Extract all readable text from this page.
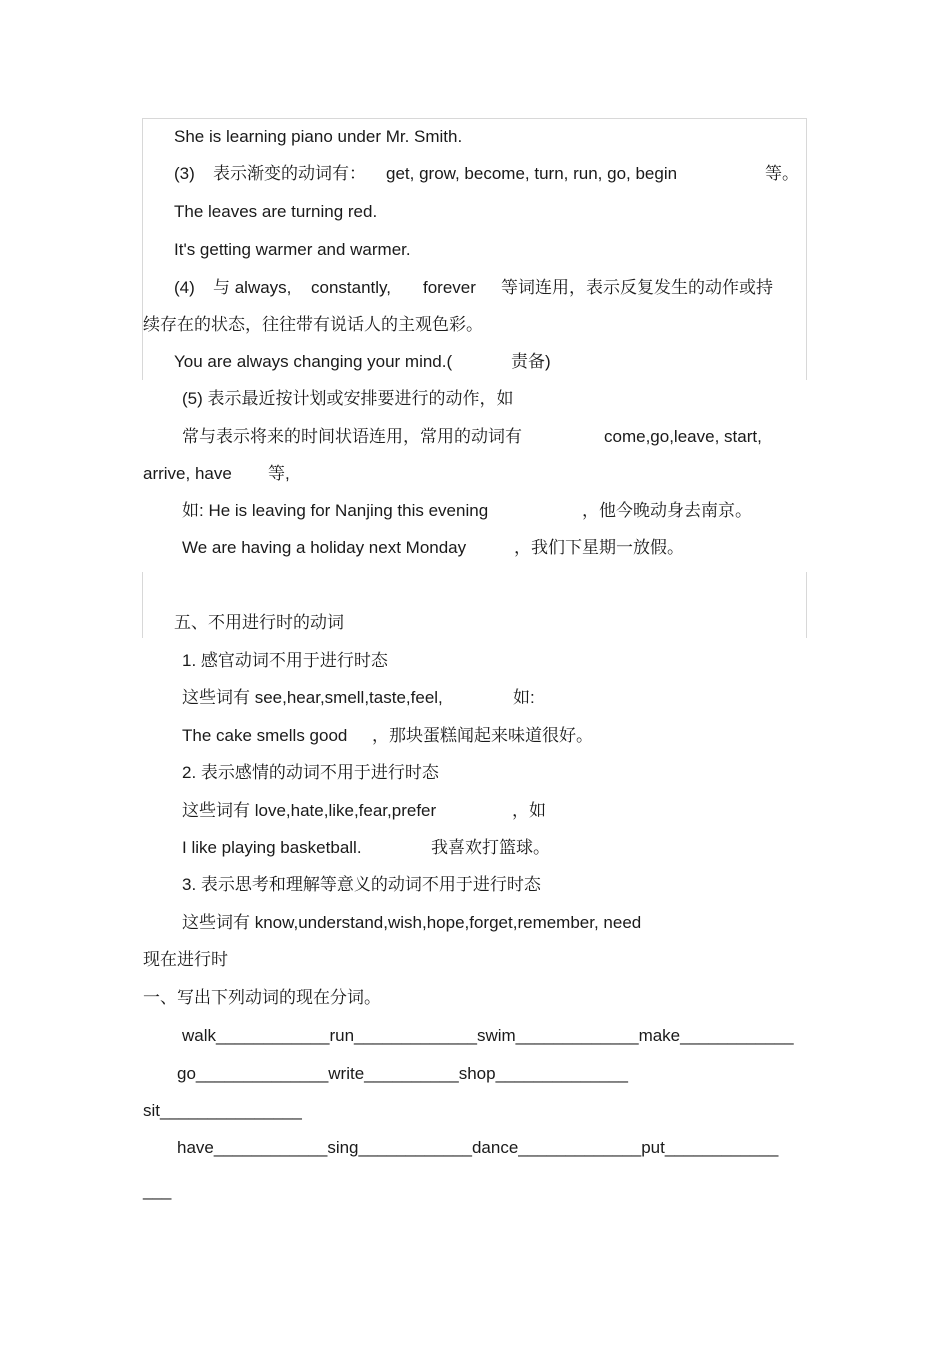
She is learning piano under Mr. Smith.
(3) 表示渐变的动词有： get, grow, become, turn, run, go, begin	等。
The leaves are turning red.
It's getting warmer and warmer.
(4) 与 always, constantly, forever 等词连用，表示反复发生的动作或持
续存在的状态，往往带有说话人的主观色彩。
You are always changing your mind.(	责备)
(5) 表示最近按计划或安排要进行的动作，如
常与表示将来的时间状语连用，常用的动词有	come,go,leave, start,
arrive, have 等,
如: He is leaving for Nanjing this evening	，他今晚动身去南京。
We are having a holiday next Monday	，我们下星期一放假。
五、不用进行时的动词
1. 感官动词不用于进行时态
这些词有 see,hear,smell,taste,feel,	如:
The cake smells good ，那块蛋糕闻起来味道很好。
2. 表示感情的动词不用于进行时态
这些词有 love,hate,like,fear,prefer	，如
I like playing basketball.	我喜欢打篮球。
3. 表示思考和理解等意义的动词不用于进行时态
这些词有 know,understand,wish,hope,forget,remember, need
现在进行时
一、写出下列动词的现在分词。
walk____________run_____________swim_____________make____________
go______________write__________shop______________
sit_______________
have____________sing____________dance_____________put____________
___
